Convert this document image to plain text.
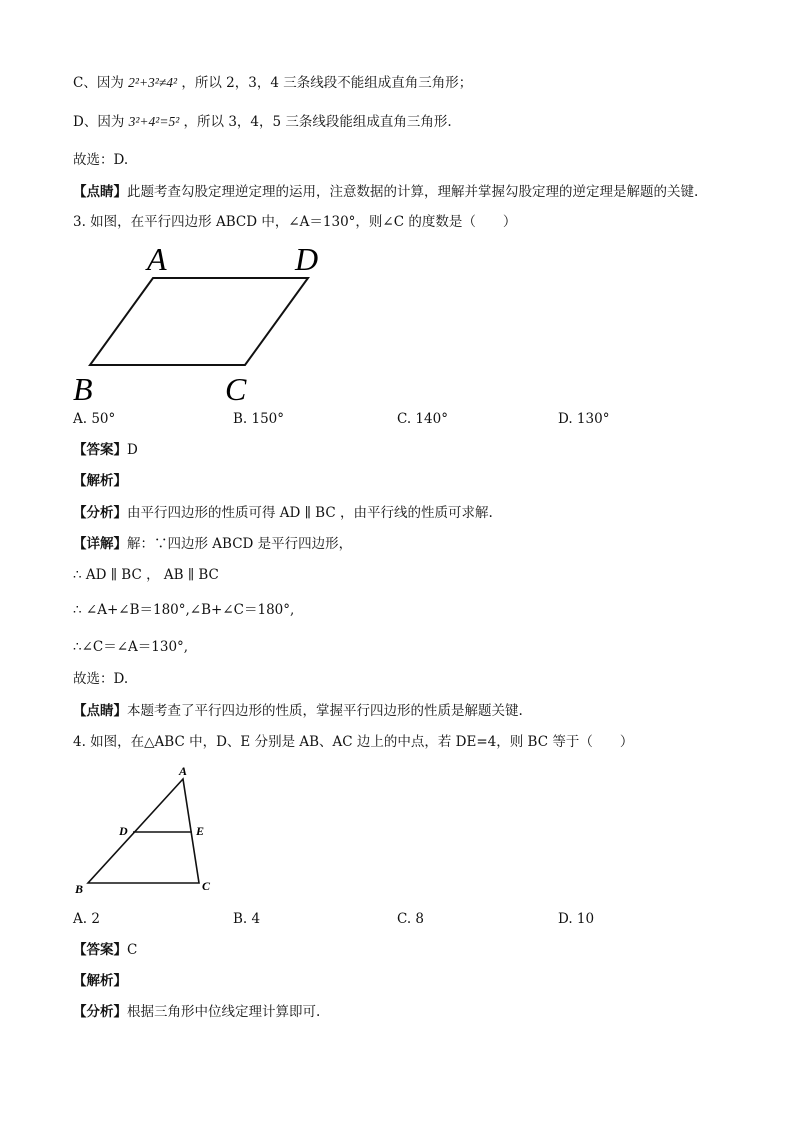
C、因为 2²+3²≠4² ，所以 2，3，4 三条线段不能组成直角三角形；
D、因为 3²+4²=5² ，所以 3，4，5 三条线段能组成直角三角形.
故选：D.
【点睛】此题考查勾股定理逆定理的运用，注意数据的计算，理解并掌握勾股定理的逆定理是解题的关键.
3. 如图，在平行四边形 ABCD 中，∠A＝130°，则∠C 的度数是（　　）
A	D
B	C
A. 50°	B. 150°	C. 140°	D. 130°
【答案】D
【解析】
【分析】由平行四边形的性质可得 AD ∥ BC ，由平行线的性质可求解.
【详解】解：∵四边形 ABCD 是平行四边形，
∴ AD ∥ BC ， AB ∥ BC
∴ ∠A+∠B＝180°,∠B+∠C＝180°,
∴∠C＝∠A＝130°,
故选：D.
【点睛】本题考查了平行四边形的性质，掌握平行四边形的性质是解题关键.
4. 如图，在△ABC 中，D、E 分别是 AB、AC 边上的中点，若 DE=4，则 BC 等于（　　）
A
D	E
B	C
A. 2	B. 4	C. 8	D. 10
【答案】C
【解析】
【分析】根据三角形中位线定理计算即可.
